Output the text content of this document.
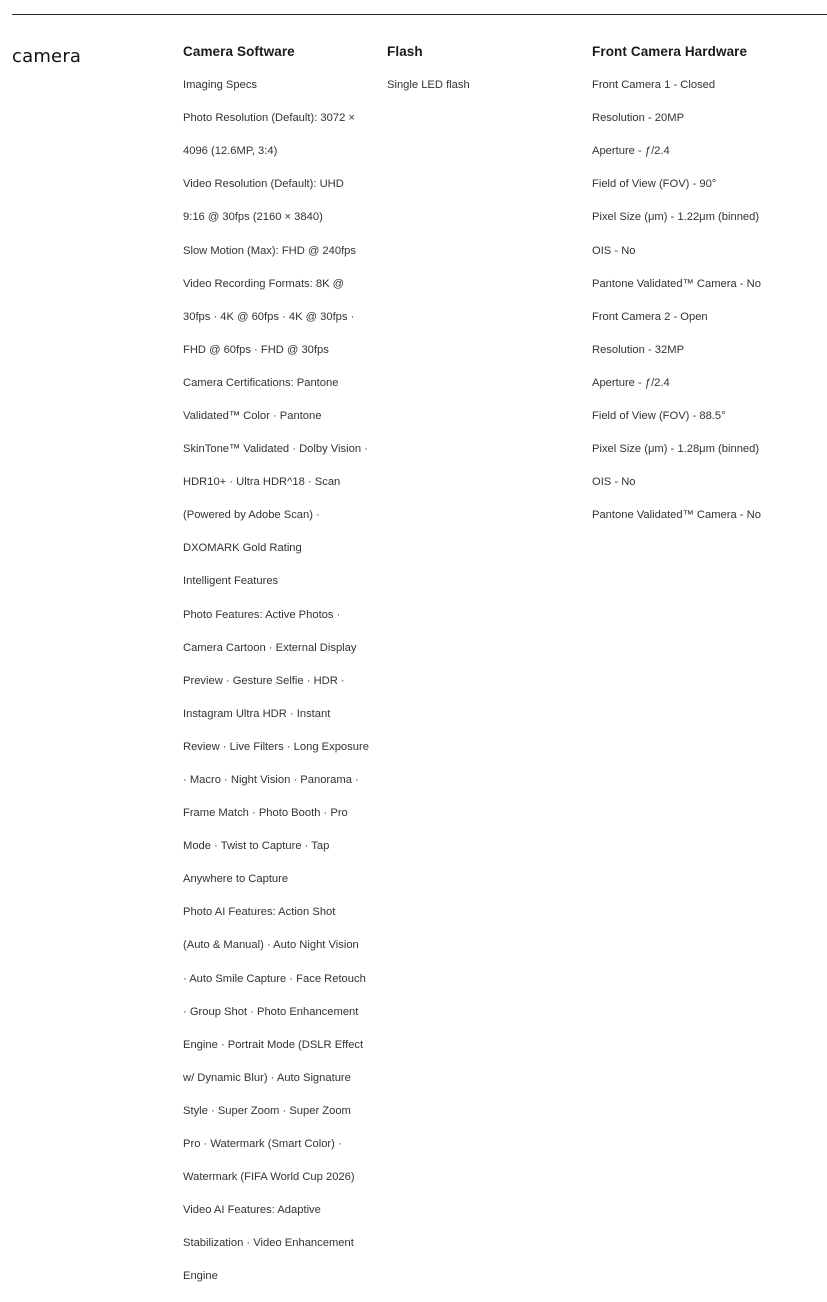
camera	Camera Software

Imaging Specs

Photo Resolution (Default): 3072 ×

4096 (12.6MP, 3:4)

Video Resolution (Default): UHD

9:16 @ 30fps (2160 × 3840)

Slow Motion (Max): FHD @ 240fps

Video Recording Formats: 8K @

30fps · 4K @ 60fps · 4K @ 30fps ·

FHD @ 60fps · FHD @ 30fps

Camera Certifications: Pantone

Validated™ Color · Pantone

SkinTone™ Validated · Dolby Vision ·

HDR10+ · Ultra HDR^18 · Scan

(Powered by Adobe Scan) ·

DXOMARK Gold Rating

Intelligent Features

Photo Features: Active Photos ·

Camera Cartoon · External Display

Preview · Gesture Selfie · HDR ·

Instagram Ultra HDR · Instant

Review · Live Filters · Long Exposure

· Macro · Night Vision · Panorama ·

Frame Match · Photo Booth · Pro

Mode · Twist to Capture · Tap

Anywhere to Capture

Photo AI Features: Action Shot

(Auto & Manual) · Auto Night Vision

· Auto Smile Capture · Face Retouch

· Group Shot · Photo Enhancement

Engine · Portrait Mode (DSLR Effect

w/ Dynamic Blur) · Auto Signature

Style · Super Zoom · Super Zoom

Pro · Watermark (Smart Color) ·

Watermark (FIFA World Cup 2026)

Video AI Features: Adaptive

Stabilization · Video Enhancement

Engine

Flash

Single LED flash

Front Camera Hardware

Front Camera 1 - Closed

Resolution - 20MP

Aperture - ƒ/2.4

Field of View (FOV) - 90°

Pixel Size (μm) - 1.22μm (binned)

OIS - No

Pantone Validated™ Camera - No

Front Camera 2 - Open

Resolution - 32MP

Aperture - ƒ/2.4

Field of View (FOV) - 88.5°

Pixel Size (μm) - 1.28μm (binned)

OIS - No

Pantone Validated™ Camera - No
